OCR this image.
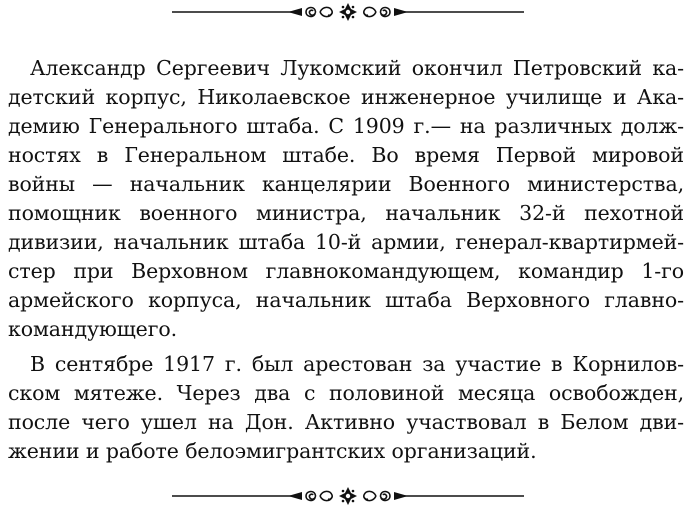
Александр Сергеевич Лукомский окончил Петровский ка-
детский корпус, Николаевское инженерное училище и Ака-
демию Генерального штаба. С 1909 г.— на различных долж-
ностях в Генеральном штабе. Во время Первой мировой
войны — начальник канцелярии Военного министерства,
помощник военного министра, начальник 32-й пехотной
дивизии, начальник штаба 10-й армии, генерал-квартирмей-
стер при Верховном главнокомандующем, командир 1-го
армейского корпуса, начальник штаба Верховного главно-
командующего.

В сентябре 1917 г. был арестован за участие в Корнилов-
ском мятеже. Через два с половиной месяца освобожден,
после чего ушел на Дон. Активно участвовал в Белом дви-
жении и работе белоэмигрантских организаций.
